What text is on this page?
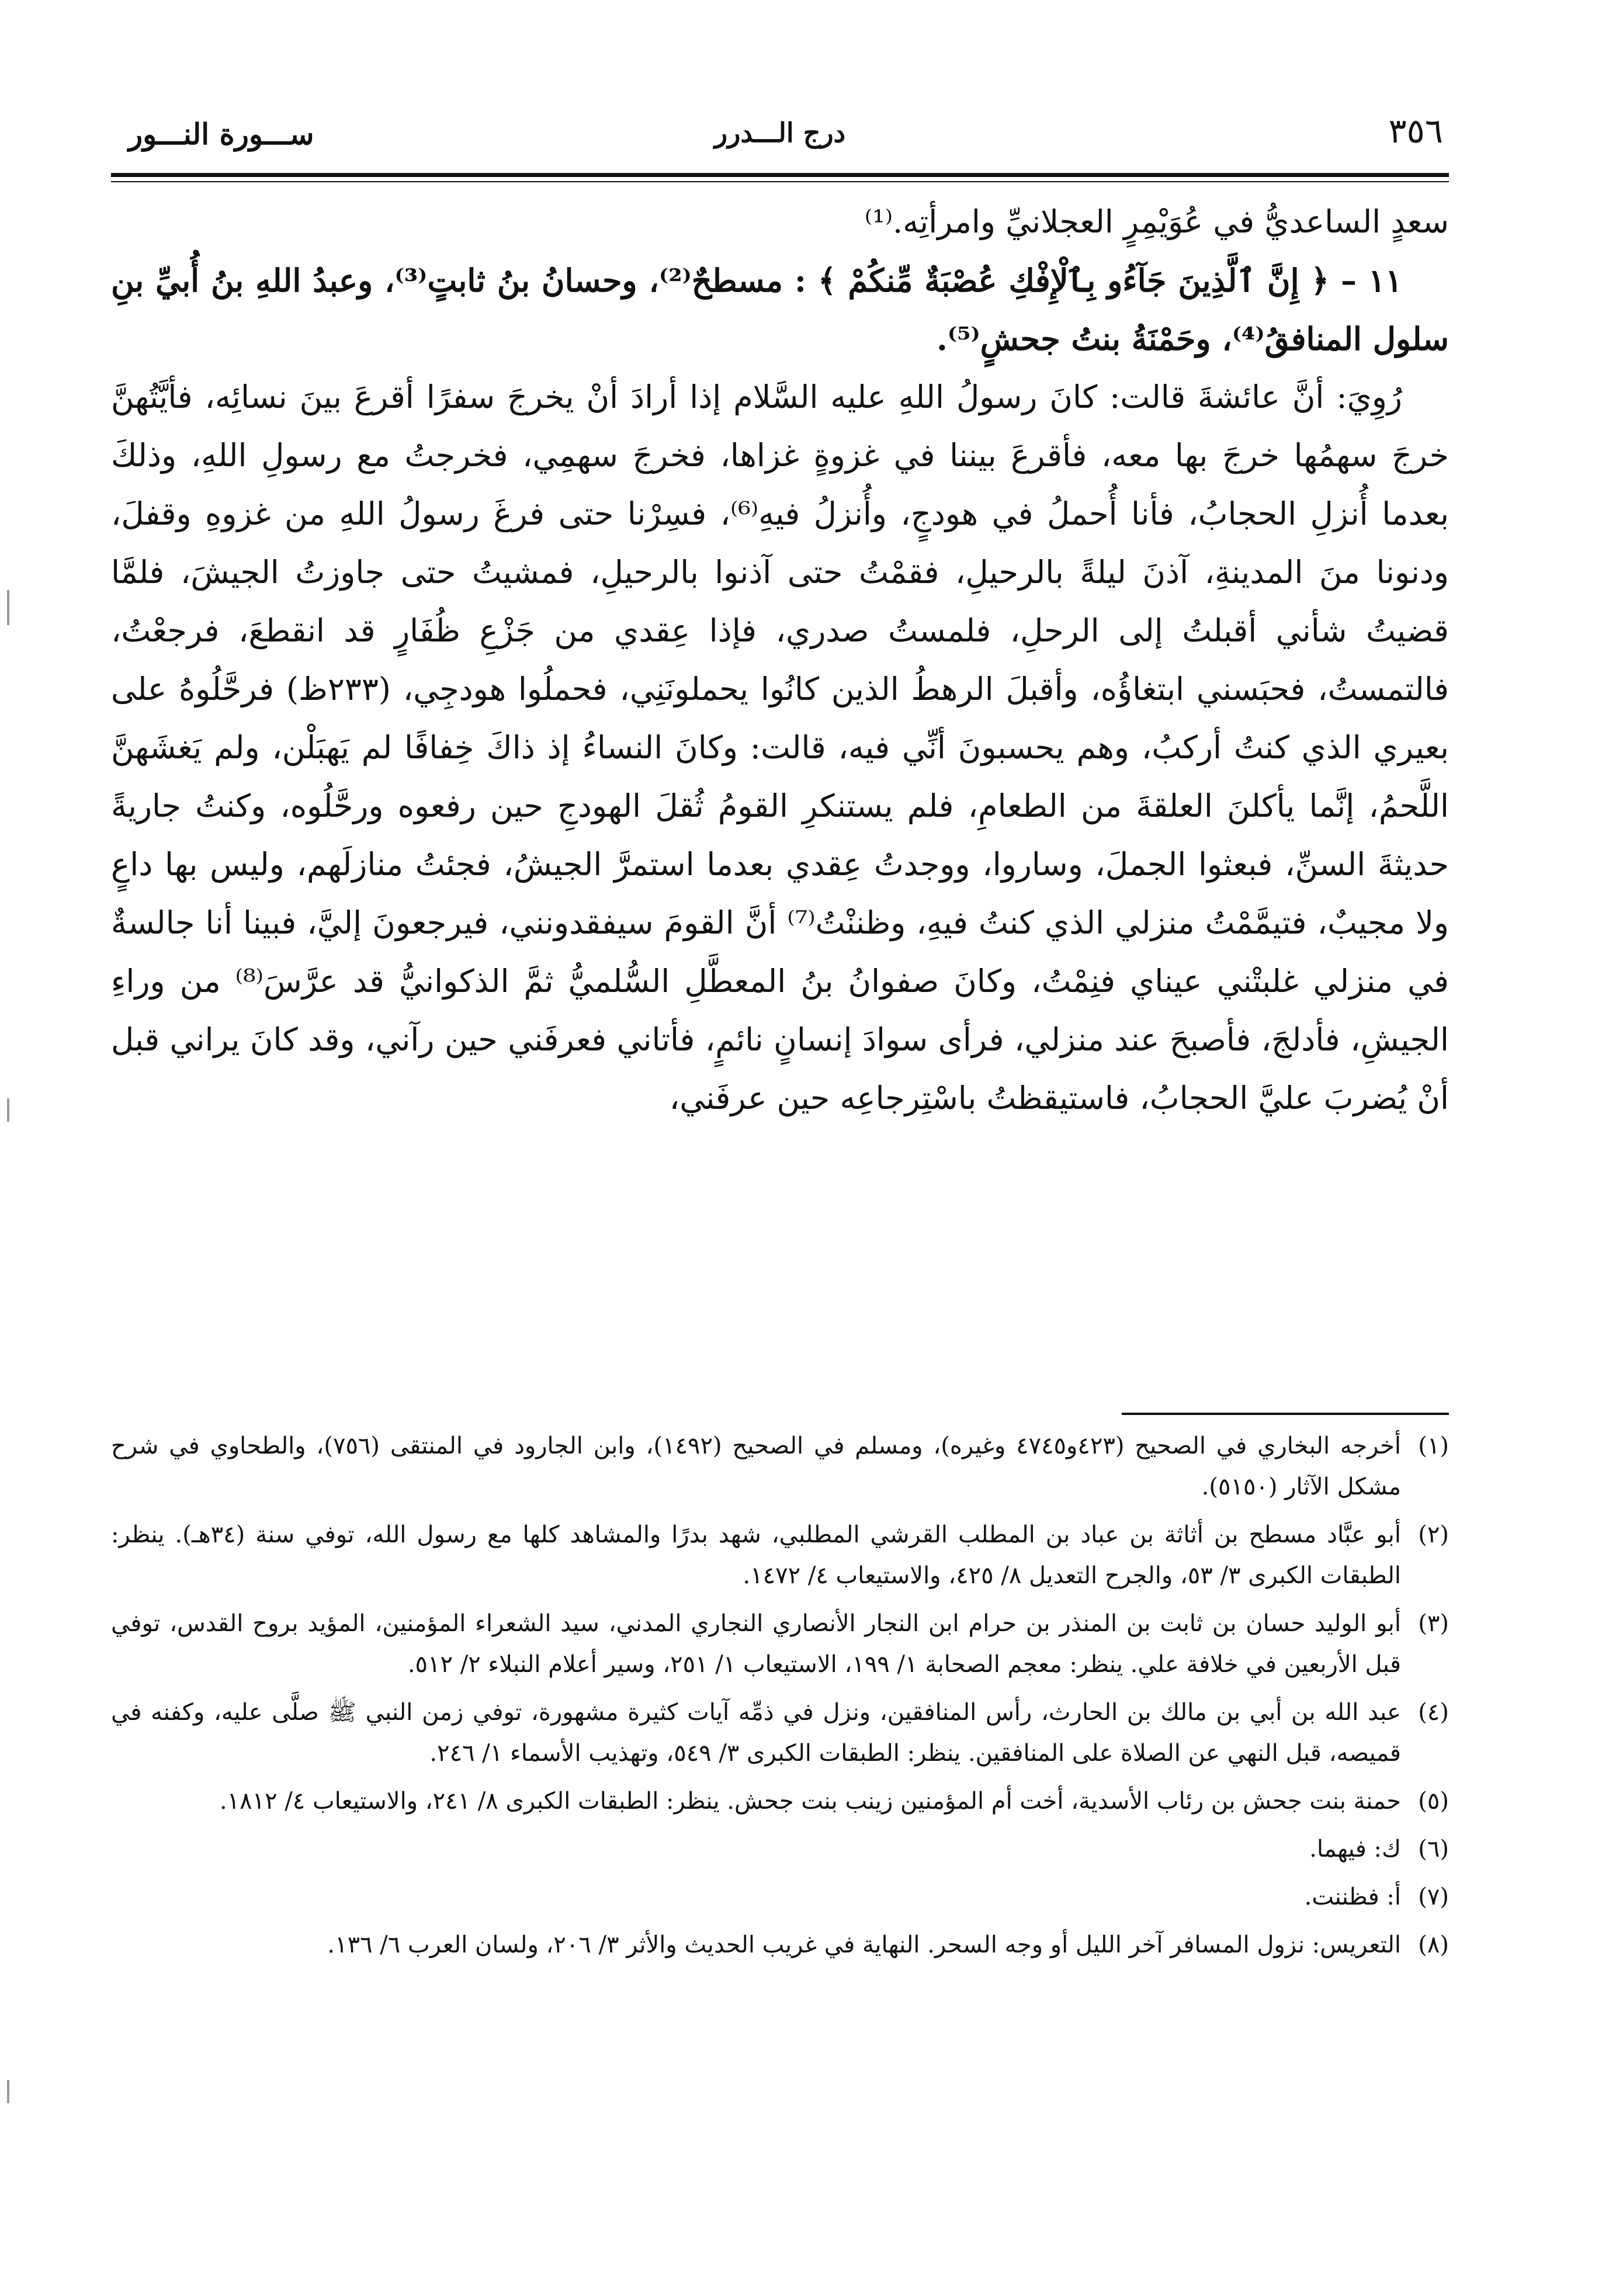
٣٥٦
درج الـــدرر
ســـورة النـــور

سعدٍ الساعديُّ في عُوَيْمِرٍ العجلانيِّ وامرأتِه.⁽¹⁾

١١ – ﴿ إِنَّ ٱلَّذِينَ جَآءُو بِٱلْإِفْكِ عُصْبَةٌ مِّنكُمْ ﴾ : مسطحٌ⁽²⁾، وحسانُ بنُ ثابتٍ⁽³⁾، وعبدُ اللهِ بنُ أُبيِّ بنِ سلول المنافقُ⁽⁴⁾، وحَمْنَةُ بنتُ جحشٍ⁽⁵⁾.

رُوِيَ: أنَّ عائشةَ قالت: كانَ رسولُ اللهِ عليه السَّلام إذا أرادَ أنْ يخرجَ سفرًا أقرعَ بينَ نسائِه، فأيَّتُهنَّ خرجَ سهمُها خرجَ بها معه، فأقرعَ بيننا في غزوةٍ غزاها، فخرجَ سهمِي، فخرجتُ مع رسولِ اللهِ، وذلكَ بعدما أُنزلِ الحجابُ، فأنا أُحملُ في هودجٍ، وأُنزلُ فيهِ⁽⁶⁾، فسِرْنا حتى فرغَ رسولُ اللهِ من غزوهِ وقفلَ، ودنونا منَ المدينةِ، آذنَ ليلةً بالرحيلِ، فقمْتُ حتى آذنوا بالرحيلِ، فمشيتُ حتى جاوزتُ الجيشَ، فلمَّا قضيتُ شأني أقبلتُ إلى الرحلِ، فلمستُ صدري، فإذا عِقدي من جَزْعِ ظُفَارٍ قد انقطعَ، فرجعْتُ، فالتمستُ، فحبَسني ابتغاؤُه، وأقبلَ الرهطُ الذين كانُوا يحملونَنِي، فحملُوا هودجِي، (٢٣٣ظ) فرحَّلُوهُ على بعيري الذي كنتُ أركبُ، وهم يحسبونَ أنِّي فيه، قالت: وكانَ النساءُ إذ ذاكَ خِفافًا لم يَهبَلْن، ولم يَغشَهنَّ اللَّحمُ، إنَّما يأكلنَ العلقةَ من الطعامِ، فلم يستنكرِ القومُ ثُقلَ الهودجِ حين رفعوه ورحَّلُوه، وكنتُ جاريةً حديثةَ السنِّ، فبعثوا الجملَ، وساروا، ووجدتُ عِقدي بعدما استمرَّ الجيشُ، فجئتُ منازلَهم، وليس بها داعٍ ولا مجيبٌ، فتيمَّمْتُ منزلي الذي كنتُ فيهِ، وظننْتُ⁽⁷⁾ أنَّ القومَ سيفقدونني، فيرجعونَ إليَّ، فبينا أنا جالسةٌ في منزلي غلبتْني عيناي فنِمْتُ، وكانَ صفوانُ بنُ المعطَّلِ السُّلميُّ ثمَّ الذكوانيُّ قد عرَّسَ⁽⁸⁾ من وراءِ الجيشِ، فأدلجَ، فأصبحَ عند منزلي، فرأى سوادَ إنسانٍ نائمٍ، فأتاني فعرفَني حين رآني، وقد كانَ يراني قبل أنْ يُضربَ عليَّ الحجابُ، فاستيقظتُ باسْتِرجاعِه حين عرفَني،

(١)
أخرجه البخاري في الصحيح (٤٢٣و٤٧٤٥ وغيره)، ومسلم في الصحيح (١٤٩٢)، وابن الجارود في المنتقى (٧٥٦)، والطحاوي في شرح مشكل الآثار (٥١٥٠).
(٢)
أبو عبَّاد مسطح بن أثاثة بن عباد بن المطلب القرشي المطلبي، شهد بدرًا والمشاهد كلها مع رسول الله، توفي سنة (٣٤هـ). ينظر: الطبقات الكبرى ٣/ ٥٣، والجرح التعديل ٨/ ٤٢٥، والاستيعاب ٤/ ١٤٧٢.
(٣)
أبو الوليد حسان بن ثابت بن المنذر بن حرام ابن النجار الأنصاري النجاري المدني، سيد الشعراء المؤمنين، المؤيد بروح القدس، توفي قبل الأربعين في خلافة علي. ينظر: معجم الصحابة ١/ ١٩٩، الاستيعاب ١/ ٢٥١، وسير أعلام النبلاء ٢/ ٥١٢.
(٤)
عبد الله بن أبي بن مالك بن الحارث، رأس المنافقين، ونزل في ذمِّه آيات كثيرة مشهورة، توفي زمن النبي ﷺ صلَّى عليه، وكفنه في قميصه، قبل النهي عن الصلاة على المنافقين. ينظر: الطبقات الكبرى ٣/ ٥٤٩، وتهذيب الأسماء ١/ ٢٤٦.
(٥)
حمنة بنت جحش بن رئاب الأسدية، أخت أم المؤمنين زينب بنت جحش. ينظر: الطبقات الكبرى ٨/ ٢٤١، والاستيعاب ٤/ ١٨١٢.
(٦)
ك: فيهما.
(٧)
أ: فظننت.
(٨)
التعريس: نزول المسافر آخر الليل أو وجه السحر. النهاية في غريب الحديث والأثر ٣/ ٢٠٦، ولسان العرب ٦/ ١٣٦.
